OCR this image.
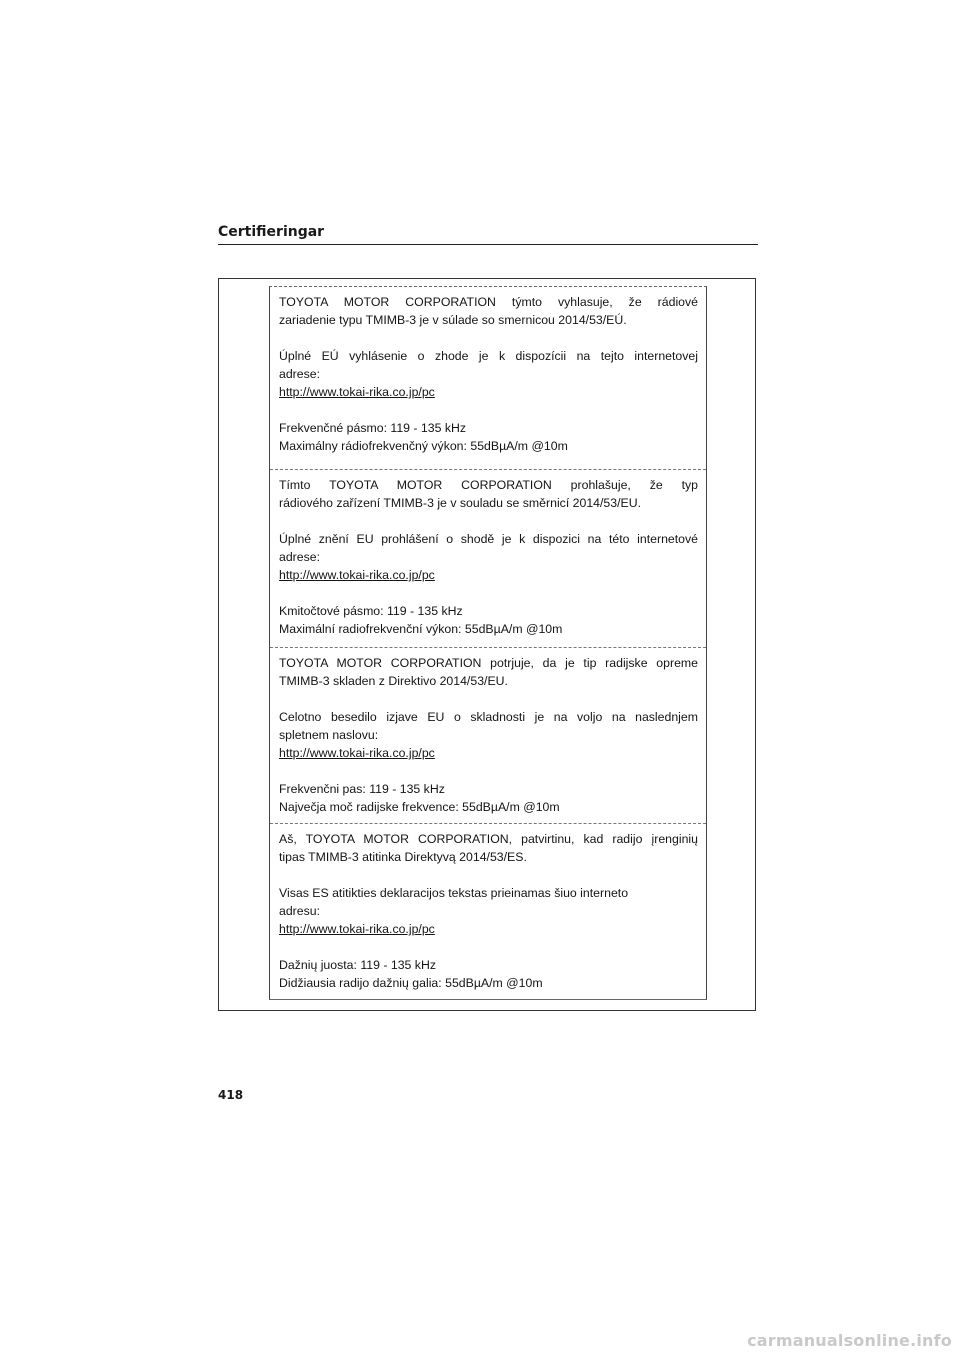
Certifieringar

TOYOTA MOTOR CORPORATION týmto vyhlasuje, že rádiové

zariadenie typu TMIMB-3 je v súlade so smernicou 2014/53/EÚ.

Úplné EÚ vyhlásenie o zhode je k dispozícii na tejto internetovej

adrese:

http://www.tokai-rika.co.jp/pc

Frekvenčné pásmo: 119 - 135 kHz

Maximálny rádiofrekvenčný výkon: 55dBµA/m @10m

Tímto TOYOTA MOTOR CORPORATION prohlašuje, že typ

rádiového zařízení TMIMB-3 je v souladu se směrnicí 2014/53/EU.

Úplné znění EU prohlášení o shodě je k dispozici na této internetové

adrese:

http://www.tokai-rika.co.jp/pc

Kmitočtové pásmo: 119 - 135 kHz

Maximální radiofrekvenční výkon: 55dBµA/m @10m

TOYOTA MOTOR CORPORATION potrjuje, da je tip radijske opreme

TMIMB-3 skladen z Direktivo 2014/53/EU.

Celotno besedilo izjave EU o skladnosti je na voljo na naslednjem

spletnem naslovu:

http://www.tokai-rika.co.jp/pc

Frekvenčni pas: 119 - 135 kHz

Največja moč radijske frekvence: 55dBµA/m @10m

Aš, TOYOTA MOTOR CORPORATION, patvirtinu, kad radijo įrenginių

tipas TMIMB-3 atitinka Direktyvą 2014/53/ES.

Visas ES atitikties deklaracijos tekstas prieinamas šiuo interneto

adresu:

http://www.tokai-rika.co.jp/pc

Dažnių juosta: 119 - 135 kHz

Didžiausia radijo dažnių galia: 55dBµA/m @10m

418
carmanualsonline.info
